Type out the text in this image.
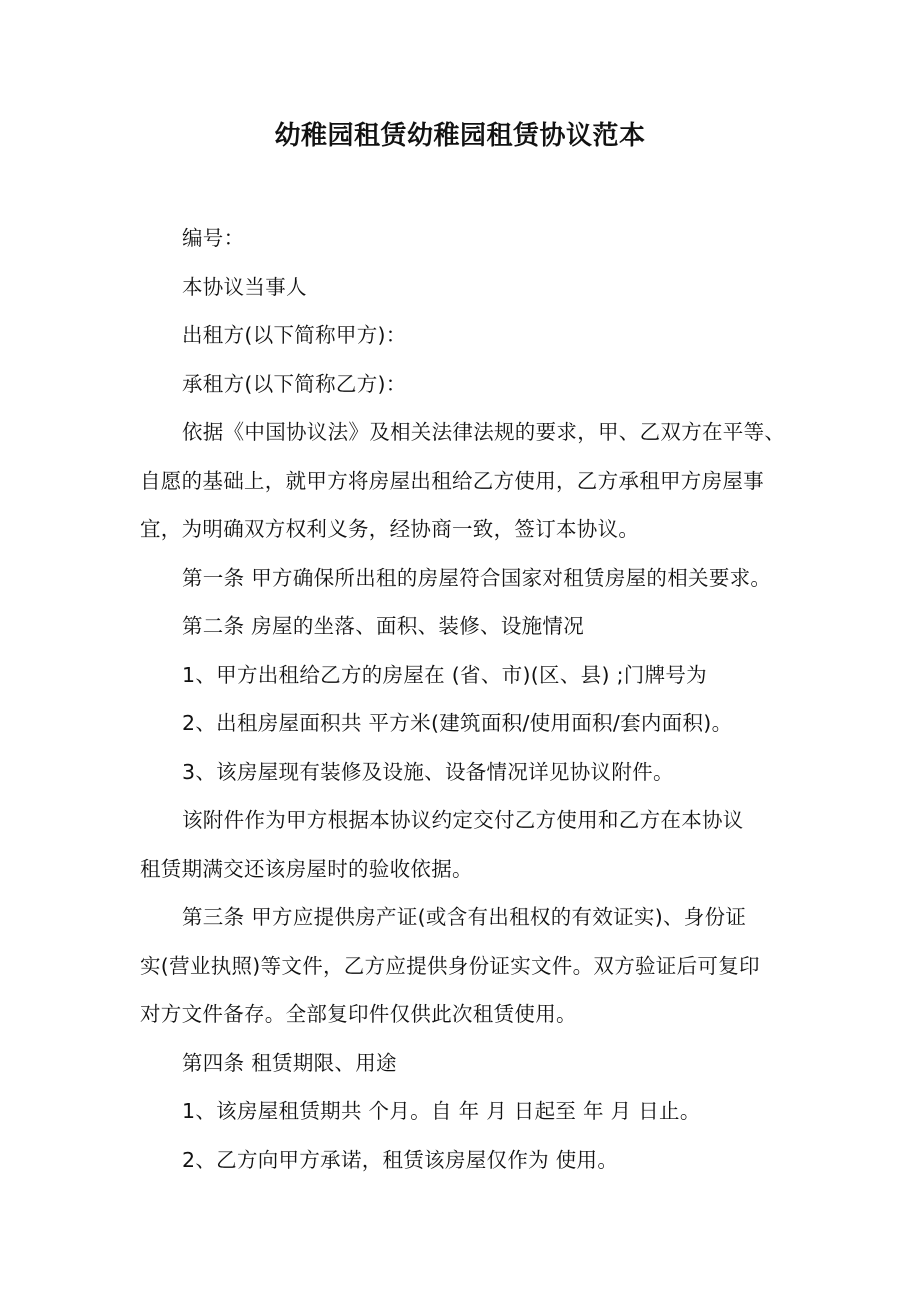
幼稚园租赁幼稚园租赁协议范本

编号：

本协议当事人

出租方(以下简称甲方)：

承租方(以下简称乙方)：

依据《中国协议法》及相关法律法规的要求，甲、乙双方在平等、

自愿的基础上，就甲方将房屋出租给乙方使用，乙方承租甲方房屋事

宜，为明确双方权利义务，经协商一致，签订本协议。

第一条 甲方确保所出租的房屋符合国家对租赁房屋的相关要求。

第二条 房屋的坐落、面积、装修、设施情况

1、甲方出租给乙方的房屋在 (省、市)(区、县) ;门牌号为

2、出租房屋面积共 平方米(建筑面积/使用面积/套内面积)。

3、该房屋现有装修及设施、设备情况详见协议附件。

该附件作为甲方根据本协议约定交付乙方使用和乙方在本协议

租赁期满交还该房屋时的验收依据。

第三条 甲方应提供房产证(或含有出租权的有效证实)、身份证

实(营业执照)等文件，乙方应提供身份证实文件。双方验证后可复印

对方文件备存。全部复印件仅供此次租赁使用。

第四条 租赁期限、用途

1、该房屋租赁期共 个月。自 年 月 日起至 年 月 日止。

2、乙方向甲方承诺，租赁该房屋仅作为 使用。
